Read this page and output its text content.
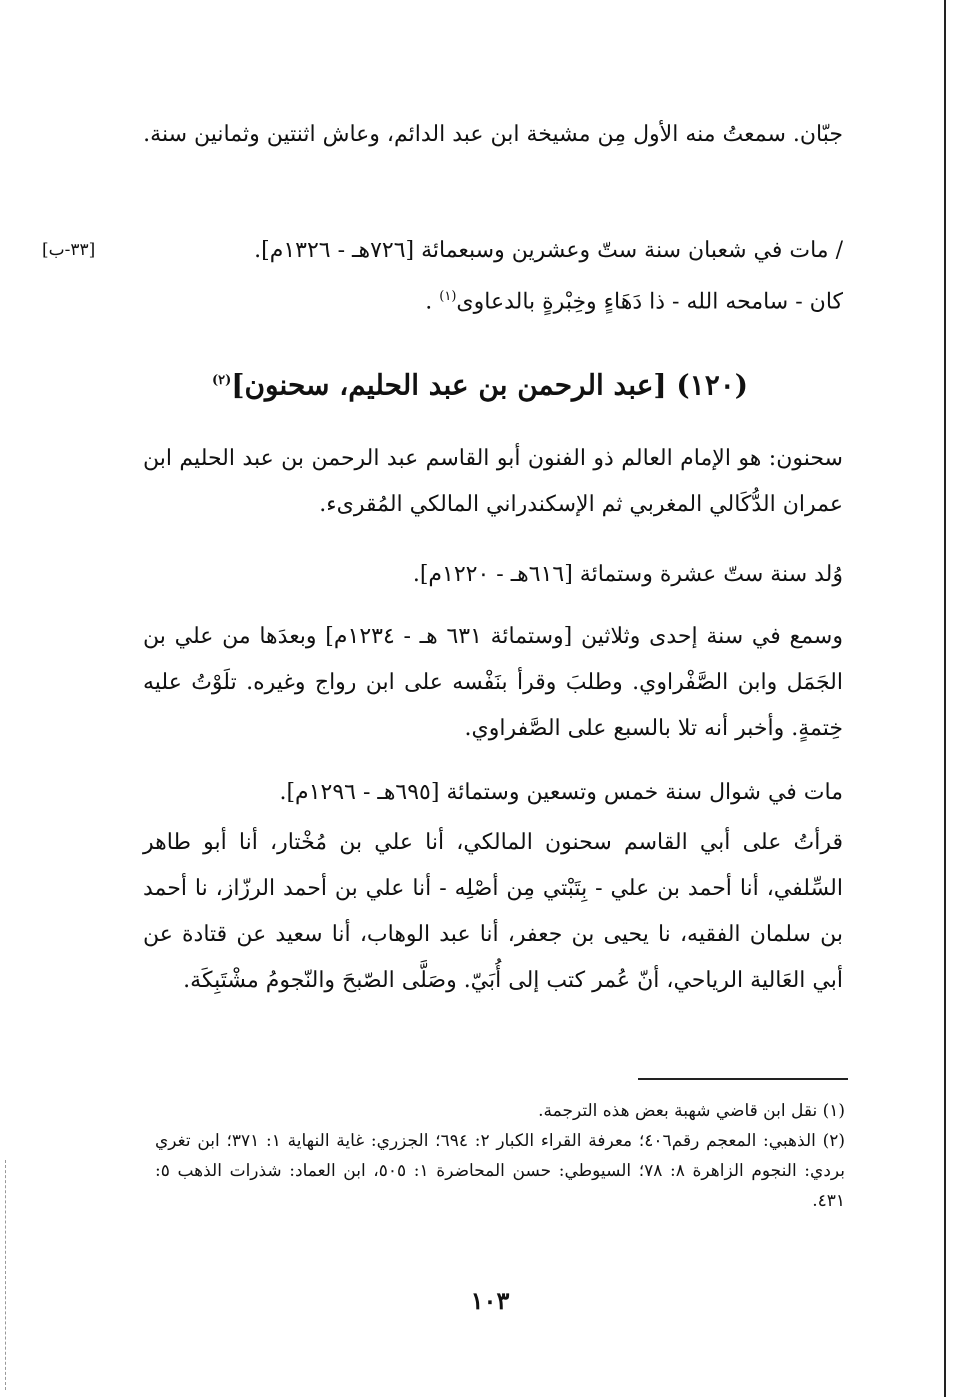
جبّان. سمعتُ منه الأول مِن مشيخة ابن عبد الدائم، وعاش اثنتين وثمانين سنة.

/ مات في شعبان سنة ستّ وعشرين وسبعمائة [٧٢٦هـ - ١٣٢٦م].

كان - سامحه الله - ذا دَهَاءٍ وخِبْرةٍ بالدعاوى$^{(١)}$ .

[٣٣-ب]
(١٢٠) [عبد الرحمن بن عبد الحليم، سحنون]$^{(٢)}$

سحنون: هو الإمام العالم ذو الفنون أبو القاسم عبد الرحمن بن عبد الحليم ابن عمران الدُّكَالي المغربي ثم الإسكندراني المالكي المُقرىء.

وُلد سنة ستّ عشرة وستمائة [٦١٦هـ - ١٢٢٠م].

وسمع في سنة إحدى وثلاثين [وستمائة ٦٣١ هـ - ١٢٣٤م] وبعدَها من علي بن الجَمَل وابن الصَّفْراوي. وطلبَ وقرأ بنَفْسه على ابن رواج وغيره. تلَوْتُ عليه خِتمةٍ. وأخبر أنه تلا بالسبع على الصَّفراوي.

مات في شوال سنة خمس وتسعين وستمائة [٦٩٥هـ - ١٢٩٦م].

قرأتُ على أبي القاسم سحنون المالكي، أنا علي بن مُخْتار، أنا أبو طاهر السِّلفي، أنا أحمد بن علي - بِتَبْتي مِن أصْلِه - أنا علي بن أحمد الرزّاز، نا أحمد بن سلمان الفقيه، نا يحيى بن جعفر، أنا عبد الوهاب، أنا سعيد عن قتادة عن أبي العَالية الرياحي، أنّ عُمر كتب إلى أُبَيّ. وصَلَّى الصّبحَ والنّجومُ مشْتَبِكَة.

(١) نقل ابن قاضي شهبة بعض هذه الترجمة.

(٢) الذهبي: المعجم رقم٤٠٦؛ معرفة القراء الكبار ٢: ٦٩٤؛ الجزري: غاية النهاية ١: ٣٧١؛ ابن تغري بردي: النجوم الزاهرة ٨: ٧٨؛ السيوطي: حسن المحاضرة ١: ٥٠٥، ابن العماد: شذرات الذهب ٥: ٤٣١.

١٠٣
